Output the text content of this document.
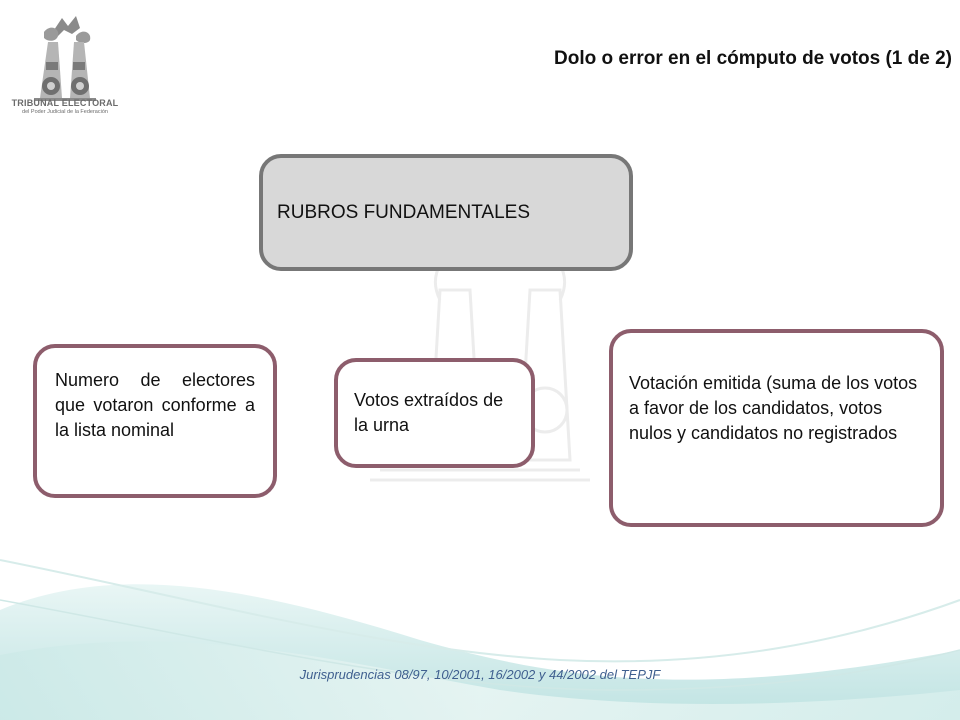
TRIBUNAL ELECTORAL
del Poder Judicial de la Federación
Dolo o error en el cómputo de votos (1 de 2)
RUBROS FUNDAMENTALES
Numero de electores que votaron conforme a la lista nominal
Votos extraídos de la urna
Votación emitida (suma de los votos a favor de los candidatos, votos nulos y candidatos no registrados
Jurisprudencias 08/97, 10/2001, 16/2002 y 44/2002 del TEPJF
